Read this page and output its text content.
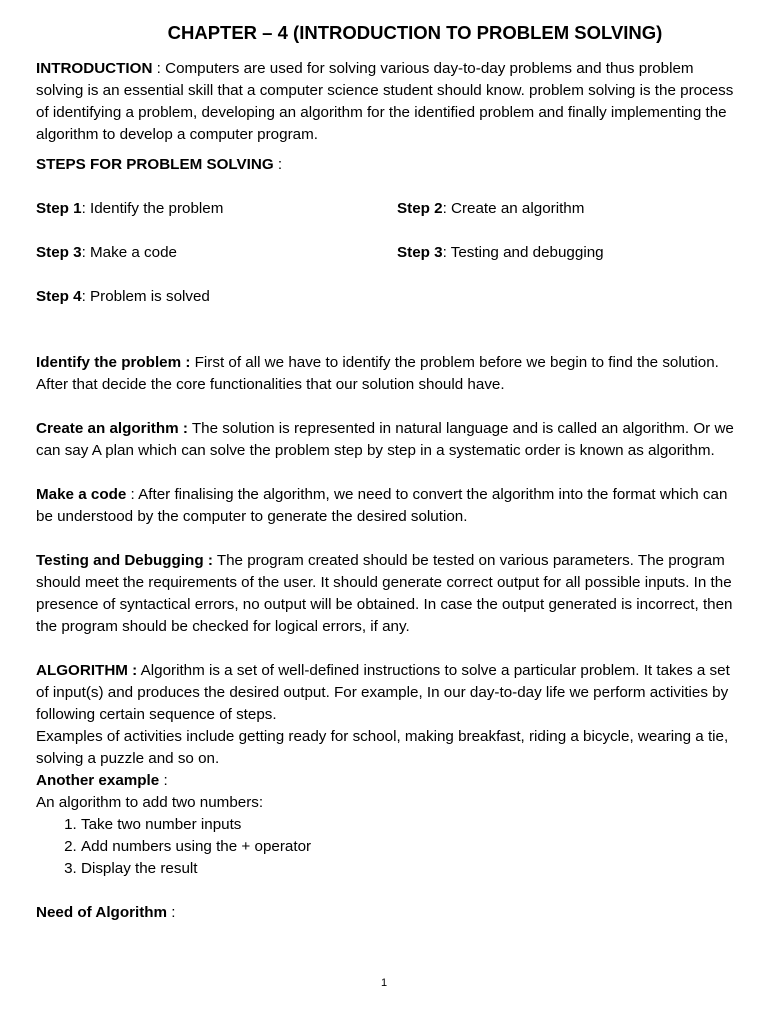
CHAPTER – 4 (INTRODUCTION TO PROBLEM SOLVING)

INTRODUCTION : Computers are used for solving various day-to-day problems and thus problem solving is an essential skill that a computer science student should know. problem solving is the process of identifying a problem, developing an algorithm for the identified problem and finally implementing the algorithm to develop a computer program.

STEPS FOR PROBLEM SOLVING :

Step 1: Identify the problem	Step 2: Create an algorithm
Step 3: Make a code	Step 3: Testing and debugging
Step 4: Problem is solved

Identify the problem : First of all we have to identify the problem before we begin to find the solution. After that decide the core functionalities that our solution should have.

Create an algorithm : The solution is represented in natural language and is called an algorithm. Or we can say A plan which can solve the problem step by step in a systematic order is known as algorithm.

Make a code : After finalising the algorithm, we need to convert the algorithm into the format which can be understood by the computer to generate the desired solution.

Testing and Debugging : The program created should be tested on various parameters. The program should meet the requirements of the user. It should generate correct output for all possible inputs. In the presence of syntactical errors, no output will be obtained. In case the output generated is incorrect, then the program should be checked for logical errors, if any.

ALGORITHM : Algorithm is a set of well-defined instructions to solve a particular problem. It takes a set of input(s) and produces the desired output. For example, In our day-to-day life we perform activities by following certain sequence of steps.

Examples of activities include getting ready for school, making breakfast, riding a bicycle, wearing a tie, solving a puzzle and so on.

Another example :

An algorithm to add two numbers:

1. Take two number inputs
2. Add numbers using the + operator
3. Display the result

Need of Algorithm :

1
